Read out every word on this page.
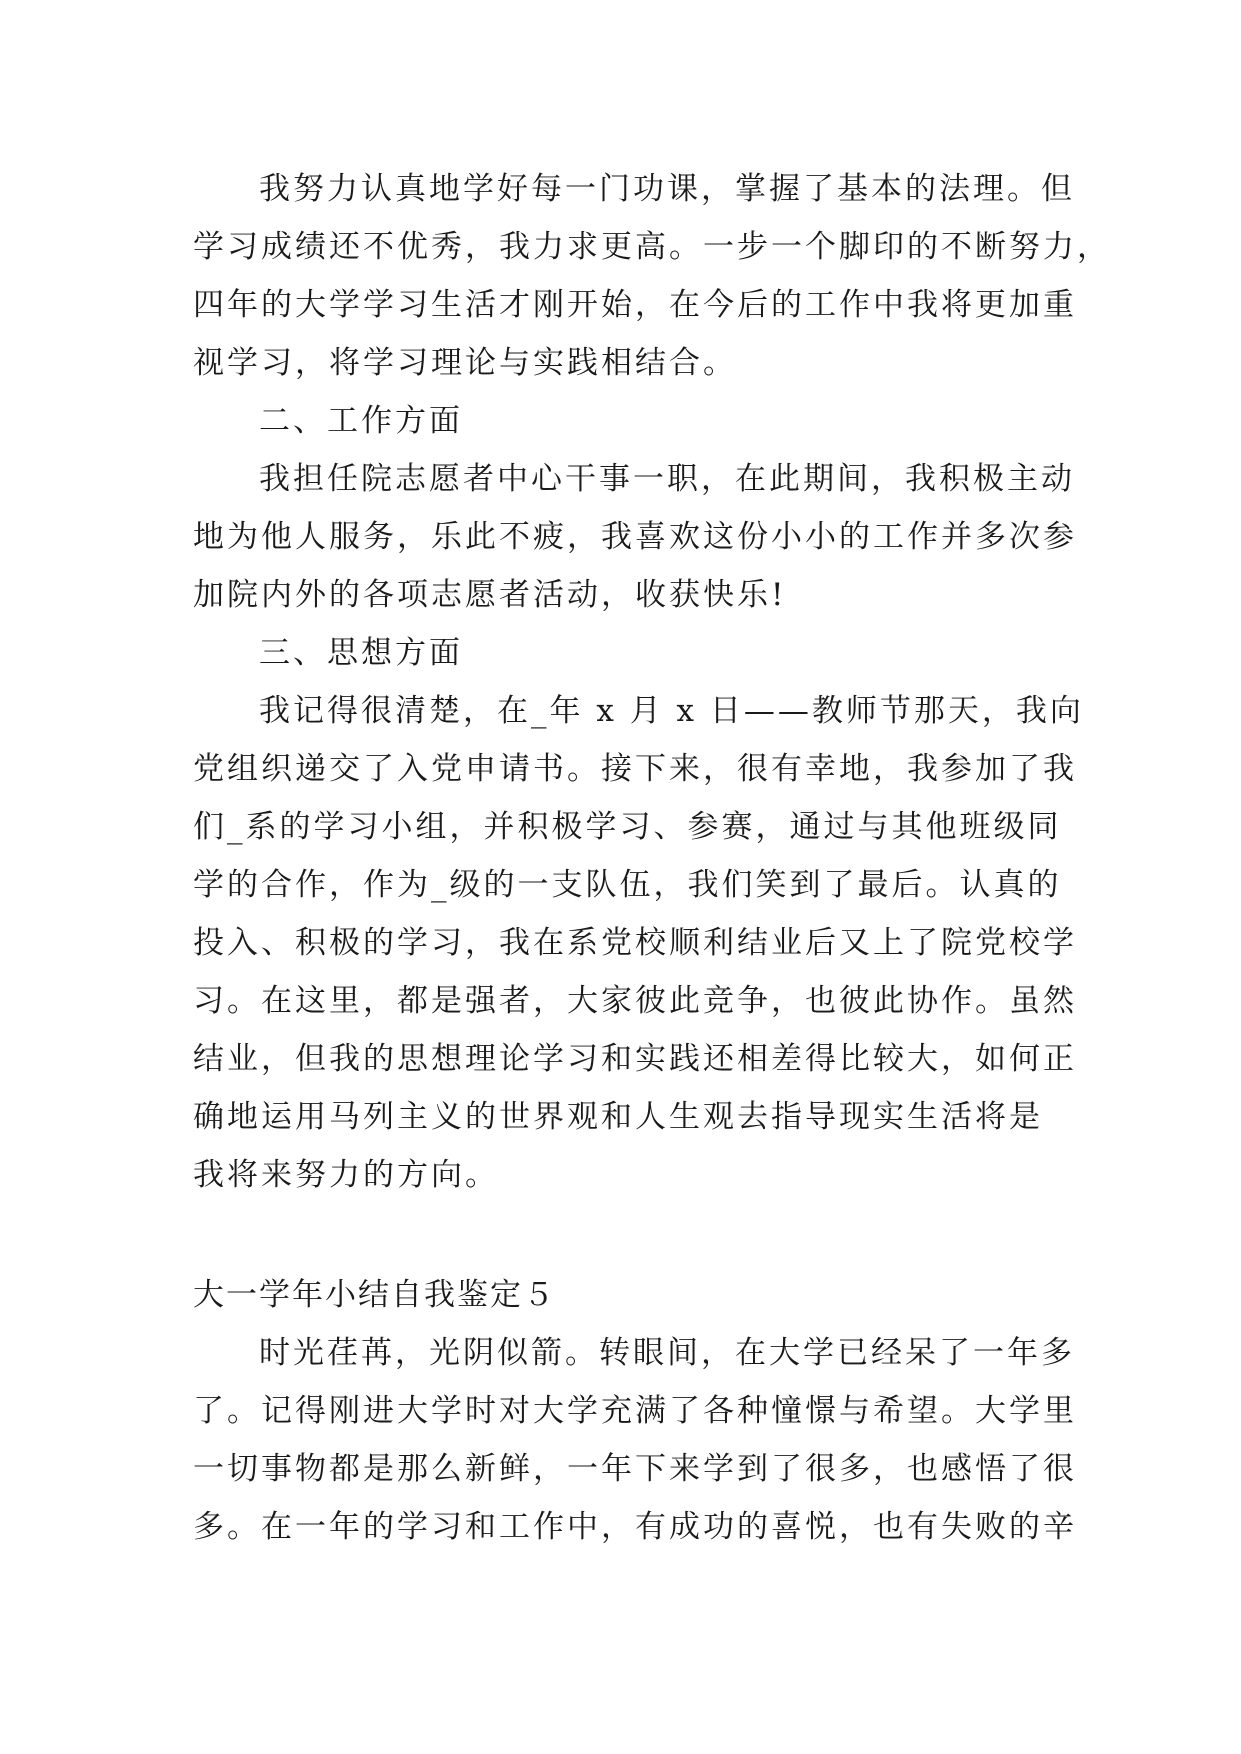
我努力认真地学好每一门功课，掌握了基本的法理。但
学习成绩还不优秀，我力求更高。一步一个脚印的不断努力，
四年的大学学习生活才刚开始，在今后的工作中我将更加重
视学习，将学习理论与实践相结合。
二、工作方面
我担任院志愿者中心干事一职，在此期间，我积极主动
地为他人服务，乐此不疲，我喜欢这份小小的工作并多次参
加院内外的各项志愿者活动，收获快乐!
三、思想方面
我记得很清楚，在_年 x 月 x 日——教师节那天，我向
党组织递交了入党申请书。接下来，很有幸地，我参加了我
们_系的学习小组，并积极学习、参赛，通过与其他班级同
学的合作，作为_级的一支队伍，我们笑到了最后。认真的
投入、积极的学习，我在系党校顺利结业后又上了院党校学
习。在这里，都是强者，大家彼此竞争，也彼此协作。虽然
结业，但我的思想理论学习和实践还相差得比较大，如何正
确地运用马列主义的世界观和人生观去指导现实生活将是
我将来努力的方向。
大一学年小结自我鉴定５
时光荏苒，光阴似箭。转眼间，在大学已经呆了一年多
了。记得刚进大学时对大学充满了各种憧憬与希望。大学里
一切事物都是那么新鲜，一年下来学到了很多，也感悟了很
多。在一年的学习和工作中，有成功的喜悦，也有失败的辛
